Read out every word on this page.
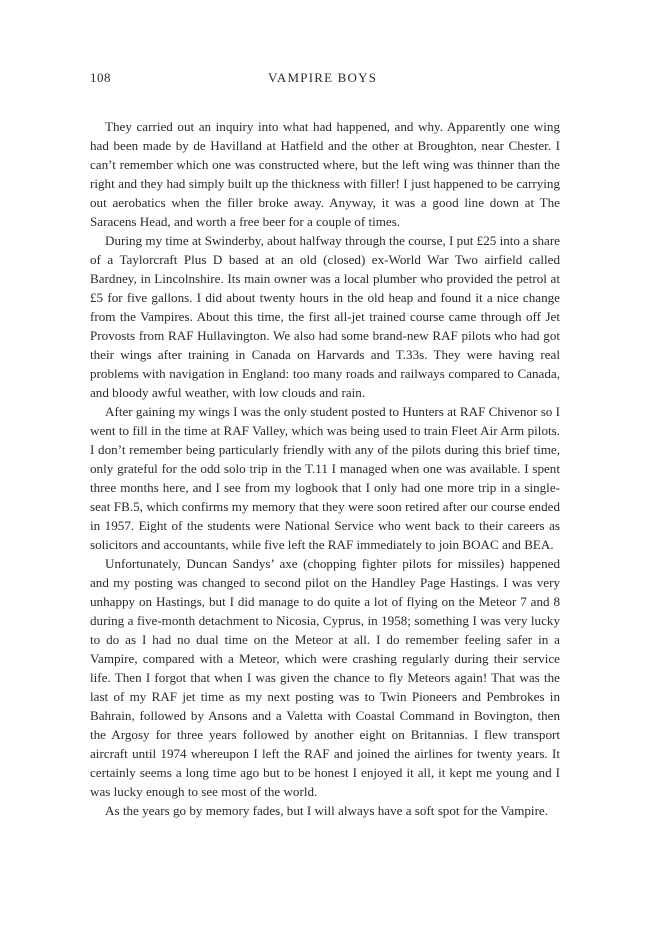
108	VAMPIRE BOYS

They carried out an inquiry into what had happened, and why. Apparently one wing had been made by de Havilland at Hatfield and the other at Broughton, near Chester. I can’t remember which one was constructed where, but the left wing was thinner than the right and they had simply built up the thickness with filler! I just happened to be carrying out aerobatics when the filler broke away. Anyway, it was a good line down at The Saracens Head, and worth a free beer for a couple of times.

During my time at Swinderby, about halfway through the course, I put £25 into a share of a Taylorcraft Plus D based at an old (closed) ex-World War Two airfield called Bardney, in Lincolnshire. Its main owner was a local plumber who provided the petrol at £5 for five gallons. I did about twenty hours in the old heap and found it a nice change from the Vampires. About this time, the first all-jet trained course came through off Jet Provosts from RAF Hullavington. We also had some brand-new RAF pilots who had got their wings after training in Canada on Harvards and T.33s. They were having real problems with navigation in England: too many roads and railways compared to Canada, and bloody awful weather, with low clouds and rain.

After gaining my wings I was the only student posted to Hunters at RAF Chivenor so I went to fill in the time at RAF Valley, which was being used to train Fleet Air Arm pilots. I don’t remember being particularly friendly with any of the pilots during this brief time, only grateful for the odd solo trip in the T.11 I managed when one was available. I spent three months here, and I see from my logbook that I only had one more trip in a single-seat FB.5, which confirms my memory that they were soon retired after our course ended in 1957. Eight of the students were National Service who went back to their careers as solicitors and accountants, while five left the RAF immediately to join BOAC and BEA.

Unfortunately, Duncan Sandys’ axe (chopping fighter pilots for missiles) happened and my posting was changed to second pilot on the Handley Page Hastings. I was very unhappy on Hastings, but I did manage to do quite a lot of flying on the Meteor 7 and 8 during a five-month detachment to Nicosia, Cyprus, in 1958; something I was very lucky to do as I had no dual time on the Meteor at all. I do remember feeling safer in a Vampire, compared with a Meteor, which were crashing regularly during their service life. Then I forgot that when I was given the chance to fly Meteors again! That was the last of my RAF jet time as my next posting was to Twin Pioneers and Pembrokes in Bahrain, followed by Ansons and a Valetta with Coastal Command in Bovington, then the Argosy for three years followed by another eight on Britannias. I flew transport aircraft until 1974 whereupon I left the RAF and joined the airlines for twenty years. It certainly seems a long time ago but to be honest I enjoyed it all, it kept me young and I was lucky enough to see most of the world.

As the years go by memory fades, but I will always have a soft spot for the Vampire.
